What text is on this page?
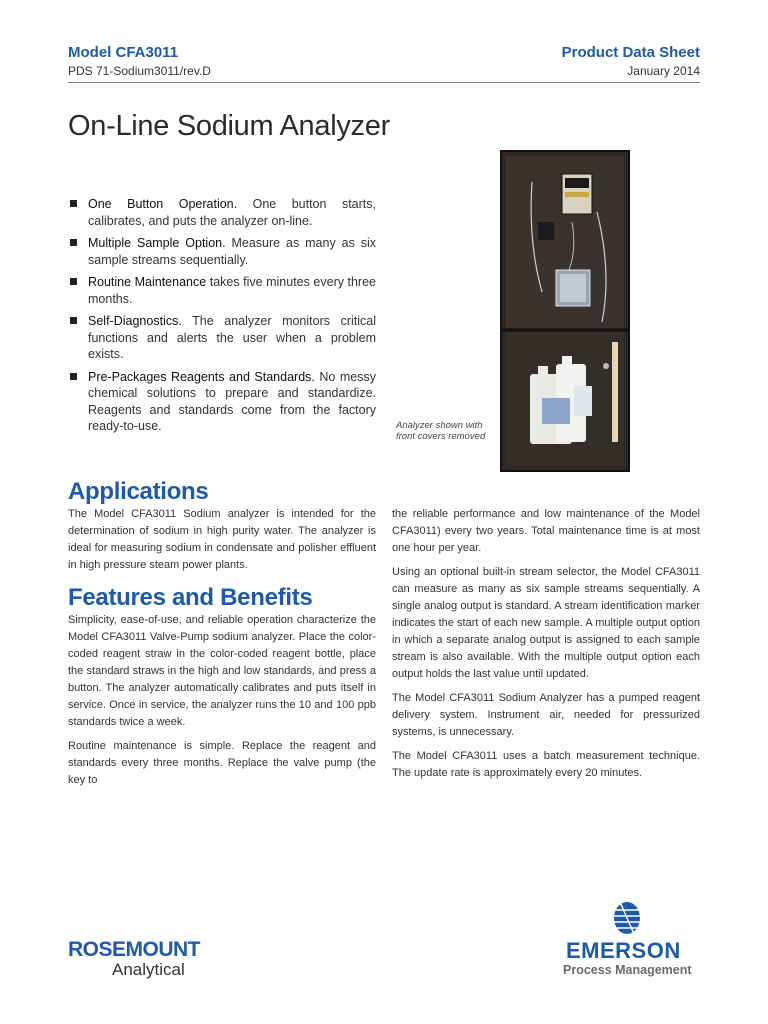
Model CFA3011
PDS 71-Sodium3011/rev.D
Product Data Sheet
January 2014
On-Line Sodium Analyzer
One Button Operation. One button starts, calibrates, and puts the analyzer on-line.
Multiple Sample Option. Measure as many as six sample streams sequentially.
Routine Maintenance takes five minutes every three months.
Self-Diagnostics. The analyzer monitors critical functions and alerts the user when a problem exists.
Pre-Packages Reagents and Standards. No messy chemical solutions to prepare and standardize. Reagents and standards come from the factory ready-to-use.	Analyzer shown with front covers removed
Applications

The Model CFA3011 Sodium analyzer is intended for the determination of sodium in high purity water. The analyzer is ideal for measuring sodium in condensate and polisher effluent in high pressure steam power plants.

Features and Benefits

Simplicity, ease-of-use, and reliable operation characterize the Model CFA3011 Valve-Pump sodium analyzer. Place the color-coded reagent straw in the color-coded reagent bottle, place the standard straws in the high and low standards, and press a button. The analyzer automatically calibrates and puts itself in service. Once in service, the analyzer runs the 10 and 100 ppb standards twice a week.

Routine maintenance is simple. Replace the reagent and standards every three months. Replace the valve pump (the key to

the reliable performance and low maintenance of the Model CFA3011) every two years. Total maintenance time is at most one hour per year.

Using an optional built-in stream selector, the Model CFA3011 can measure as many as six sample streams sequentially. A single analog output is standard. A stream identification marker indicates the start of each new sample. A multiple output option in which a separate analog output is assigned to each sample stream is also available. With the multiple output option each output holds the last value until updated.

The Model CFA3011 Sodium Analyzer has a pumped reagent delivery system. Instrument air, needed for pressurized systems, is unnecessary.

The Model CFA3011 uses a batch measurement technique. The update rate is approximately every 20 minutes.

ROSEMOUNT
Analytical
EMERSON
Process Management
